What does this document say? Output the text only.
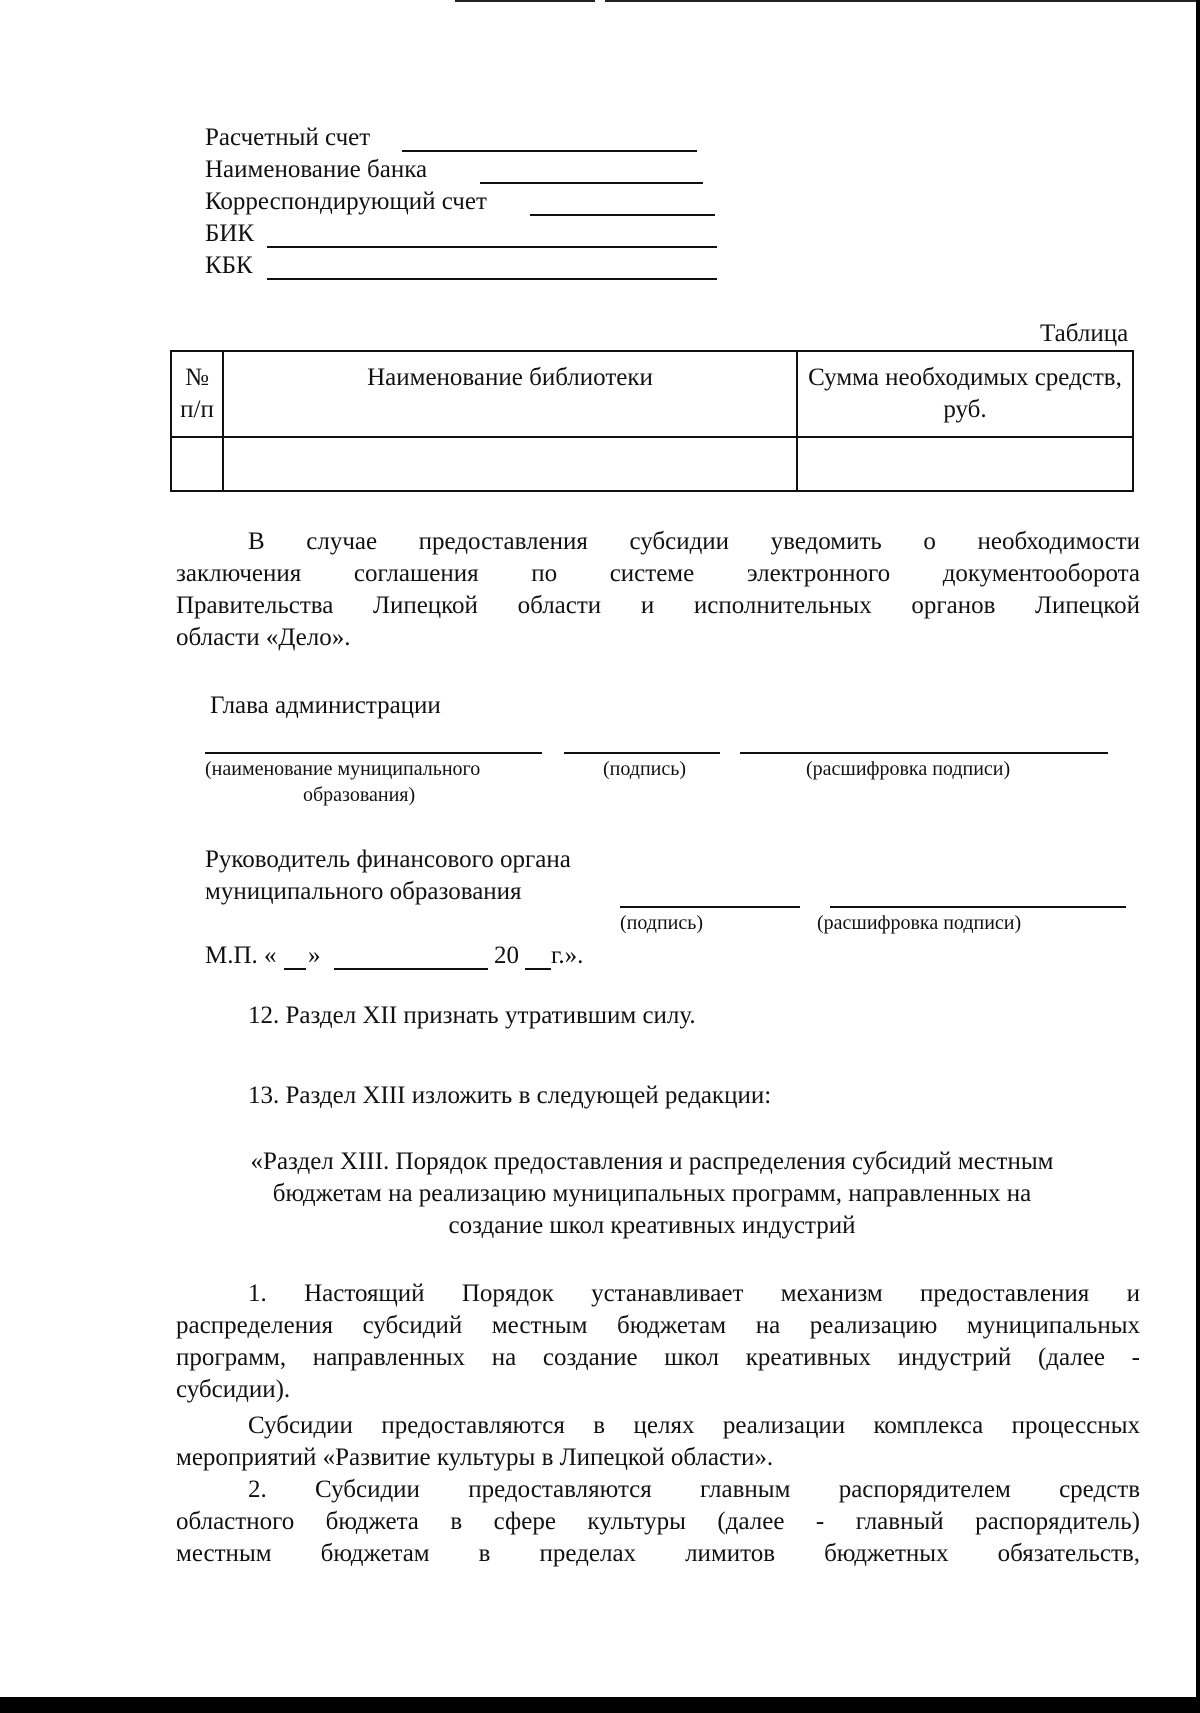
Расчетный счет
Наименование банка
Корреспондирующий счет
БИК
КБК
Таблица
№ п/п	Наименование библиотеки	Сумма необходимых средств, руб.

В случае предоставления субсидии уведомить о необходимости
заключения соглашения по системе электронного документооборота
Правительства Липецкой области и исполнительных органов Липецкой
области «Дело».
Глава администрации
(наименование муниципального
образования)
(подпись)	(расшифровка подписи)
Руководитель финансового органа
муниципального образования
(подпись)	(расшифровка подписи)
М.П. « »	20 г.».
12. Раздел XII признать утратившим силу.
13. Раздел XIII изложить в следующей редакции:
«Раздел XIII. Порядок предоставления и распределения субсидий местным
бюджетам на реализацию муниципальных программ, направленных на
создание школ креативных индустрий
1. Настоящий Порядок устанавливает механизм предоставления и
распределения субсидий местным бюджетам на реализацию муниципальных
программ, направленных на создание школ креативных индустрий (далее -
субсидии).
Субсидии предоставляются в целях реализации комплекса процессных
мероприятий «Развитие культуры в Липецкой области».
2. Субсидии предоставляются главным распорядителем средств
областного бюджета в сфере культуры (далее - главный распорядитель)
местным бюджетам в пределах лимитов бюджетных обязательств,
